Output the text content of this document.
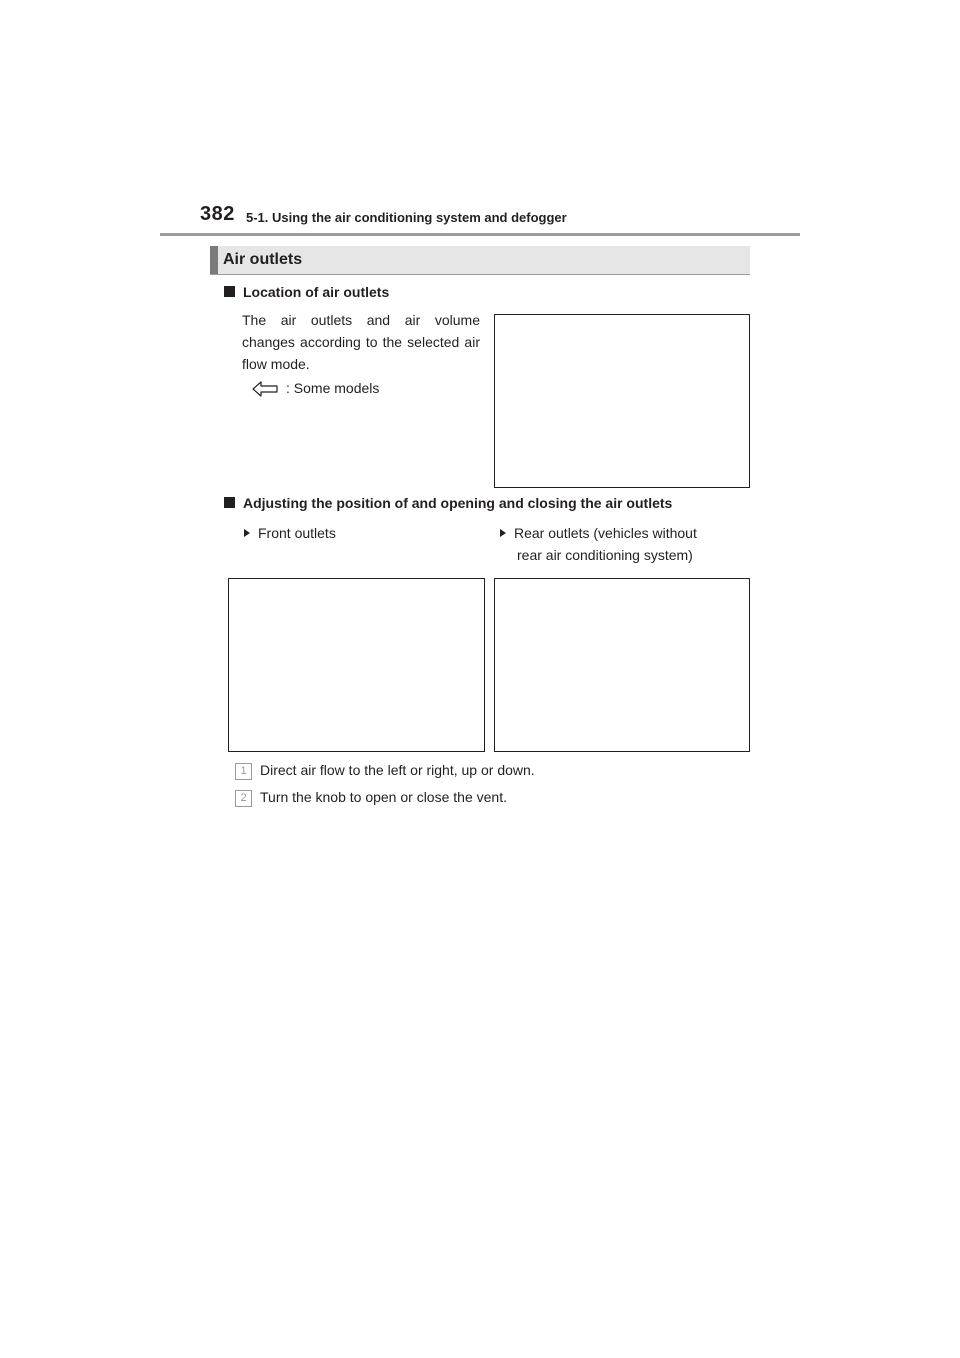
382 5-1. Using the air conditioning system and defogger
Air outlets
Location of air outlets
The air outlets and air volume changes according to the selected air flow mode.
: Some models
Adjusting the position of and opening and closing the air outlets
Front outlets	Rear outlets (vehicles without
rear air conditioning system)
1 Direct air flow to the left or right, up or down.
2 Turn the knob to open or close the vent.
